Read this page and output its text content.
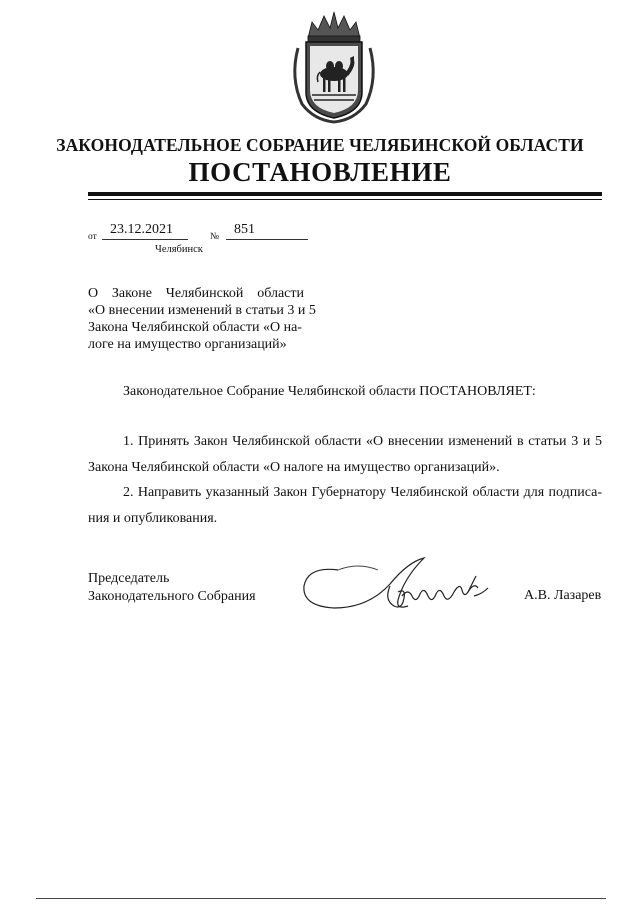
ЗАКОНОДАТЕЛЬНОЕ СОБРАНИЕ ЧЕЛЯБИНСКОЙ ОБЛАСТИ
ПОСТАНОВЛЕНИЕ
от 23.12.2021	№ 851
Челябинск
О Законе Челябинской области
«О внесении изменений в статьи 3 и 5
Закона Челябинской области «О на-
логе на имущество организаций»
Законодательное Собрание Челябинской области ПОСТАНОВЛЯЕТ:
1. Принять Закон Челябинской области «О внесении изменений в статьи 3 и 5
Закона Челябинской области «О налоге на имущество организаций».
2. Направить указанный Закон Губернатору Челябинской области для подписа-
ния и опубликования.
Председатель
Законодательного Собрания	А.В. Лазарев
